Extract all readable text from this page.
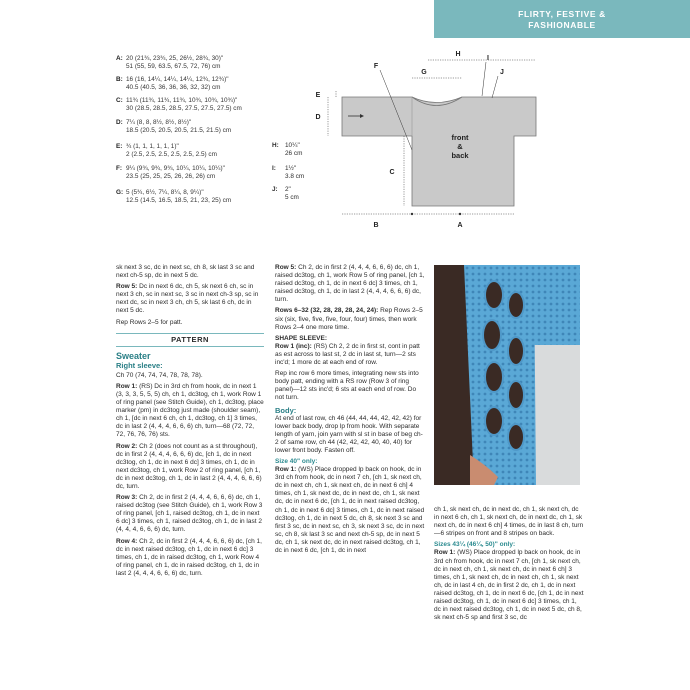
FLIRTY, FESTIVE &
FASHIONABLE
A: 20 (21¾, 23¾, 25, 26½, 28¾, 30)"
51 (55, 59, 63.5, 67.5, 72, 76) cm
B: 16 (16, 14¼, 14¼, 14¼, 12¾, 12¾)"
40.5 (40.5, 36, 36, 36, 32, 32) cm
C: 11¾ (11¾, 11¾, 11¾, 10¾, 10¾, 10¾)"
30 (28.5, 28.5, 28.5, 27.5, 27.5, 27.5) cm
D: 7¼ (8, 8, 8½, 8½, 8½)"
18.5 (20.5, 20.5, 20.5, 21.5, 21.5) cm
E: ¾ (1, 1, 1, 1, 1, 1)"
2 (2.5, 2.5, 2.5, 2.5, 2.5, 2.5) cm
F: 9¼ (9¾, 9¾, 9¾, 10¼, 10¼, 10¼)"
23.5 (25, 25, 25, 26, 26, 26) cm
G: 5 (5¾, 6½, 7¼, 8¼, 8, 9¼)"
12.5 (14.5, 16.5, 18.5, 21, 23, 25) cm
H: 10¼"
26 cm
I: 1½"
3.8 cm
J: 2"
5 cm
front
&
back
A
B
C
D
E
F
G
H
I
J

sk next 3 sc, dc in next sc, ch 8, sk last 3 sc and next ch-5 sp, dc in next 5 dc.

Row 5: Dc in next 6 dc, ch 5, sk next 6 ch, sc in next 3 ch, sc in next sc, 3 sc in next ch-3 sp, sc in next dc, sc in next 3 ch, ch 5, sk last 6 ch, dc in next 5 dc.

Rep Rows 2–5 for patt.

PATTERN
Sweater
Right sleeve:

Ch 70 (74, 74, 74, 78, 78, 78).

Row 1: (RS) Dc in 3rd ch from hook, dc in next 1 (3, 3, 3, 5, 5, 5) ch, ch 1, dc3tog, ch 1, work Row 1 of ring panel (see Stitch Guide), ch 1, dc3tog, place marker (pm) in dc3tog just made (shoulder seam), ch 1, [dc in next 6 ch, ch 1, dc3tog, ch 1] 3 times, dc in last 2 (4, 4, 4, 6, 6, 6) ch, turn—68 (72, 72, 72, 76, 76, 76) sts.

Row 2: Ch 2 (does not count as a st throughout), dc in first 2 (4, 4, 4, 6, 6, 6) dc, [ch 1, dc in next dc3tog, ch 1, dc in next 6 dc] 3 times, ch 1, dc in next dc3tog, ch 1, work Row 2 of ring panel, [ch 1, dc in next dc3tog, ch 1, dc in last 2 (4, 4, 4, 6, 6, 6) dc, turn.

Row 3: Ch 2, dc in first 2 (4, 4, 4, 6, 6, 6) dc, ch 1, raised dc3tog (see Stitch Guide), ch 1, work Row 3 of ring panel, [ch 1, raised dc3tog, ch 1, dc in next 6 dc] 3 times, ch 1, raised dc3tog, ch 1, dc in last 2 (4, 4, 4, 6, 6, 6) dc, turn.

Row 4: Ch 2, dc in first 2 (4, 4, 4, 6, 6, 6) dc, [ch 1, dc in next raised dc3tog, ch 1, dc in next 6 dc] 3 times, ch 1, dc in raised dc3tog, ch 1, work Row 4 of ring panel, ch 1, dc in raised dc3tog, ch 1, dc in last 2 (4, 4, 4, 6, 6, 6) dc, turn.

Row 5: Ch 2, dc in first 2 (4, 4, 4, 6, 6, 6) dc, ch 1, raised dc3tog, ch 1, work Row 5 of ring panel, [ch 1, raised dc3tog, ch 1, dc in next 6 dc] 3 times, ch 1, raised dc3tog, ch 1, dc in last 2 (4, 4, 4, 6, 6, 6) dc, turn.

Rows 6–32 (32, 28, 28, 28, 24, 24): Rep Rows 2–5 six (six, five, five, five, four, four) times, then work Rows 2–4 one more time.

SHAPE SLEEVE:

Row 1 (inc): (RS) Ch 2, 2 dc in first st, cont in patt as est across to last st, 2 dc in last st, turn—2 sts inc'd; 1 more dc at each end of row.

Rep inc row 6 more times, integrating new sts into body patt, ending with a RS row (Row 3 of ring panel)—12 sts inc'd; 6 sts at each end of row. Do not turn.

Body:

At end of last row, ch 46 (44, 44, 44, 42, 42, 42) for lower back body, drop lp from hook. With separate length of yarn, join yarn with sl st in base of beg ch-2 of same row, ch 44 (42, 42, 42, 40, 40, 40) for lower front body. Fasten off.

Size 40" only:

Row 1: (WS) Place dropped lp back on hook, dc in 3rd ch from hook, dc in next 7 ch, [ch 1, sk next ch, dc in next ch, ch 1, sk next ch, dc in next 6 ch] 4 times, ch 1, sk next dc, dc in next dc, ch 1, sk next dc, dc in next 6 dc, [ch 1, dc in next raised dc3tog, ch 1, dc in next 6 dc] 3 times, ch 1, dc in next raised dc3tog, ch 1, dc in next 5 dc, ch 8, sk next 3 sc and first 3 sc, dc in next sc, ch 3, sk next 3 sc, dc in next sc, ch 8, sk last 3 sc and next ch-5 sp, dc in next 5 dc, ch 1, sk next dc, dc in next raised dc3tog, ch 1, dc in next 6 dc, [ch 1, dc in next

ch 1, sk next ch, dc in next dc, ch 1, sk next ch, dc in next 6 ch, ch 1, sk next ch, dc in next dc, ch 1, sk next ch, dc in next 6 ch] 4 times, dc in last 8 ch, turn—6 stripes on front and 8 stripes on back.

Sizes 43¼ (46¼, 50)" only:

Row 1: (WS) Place dropped lp back on hook, dc in 3rd ch from hook, dc in next 7 ch, [ch 1, sk next ch, dc in next ch, ch 1, sk next ch, dc in next 6 ch] 3 times, ch 1, sk next ch, dc in next ch, ch 1, sk next ch, dc in last 4 ch, dc in first 2 dc, ch 1, dc in next raised dc3tog, ch 1, dc in next 6 dc, [ch 1, dc in next raised dc3tog, ch 1, dc in next 6 dc] 3 times, ch 1, dc in next raised dc3tog, ch 1, dc in next 5 dc, ch 8, sk next ch-5 sp and first 3 sc, dc
